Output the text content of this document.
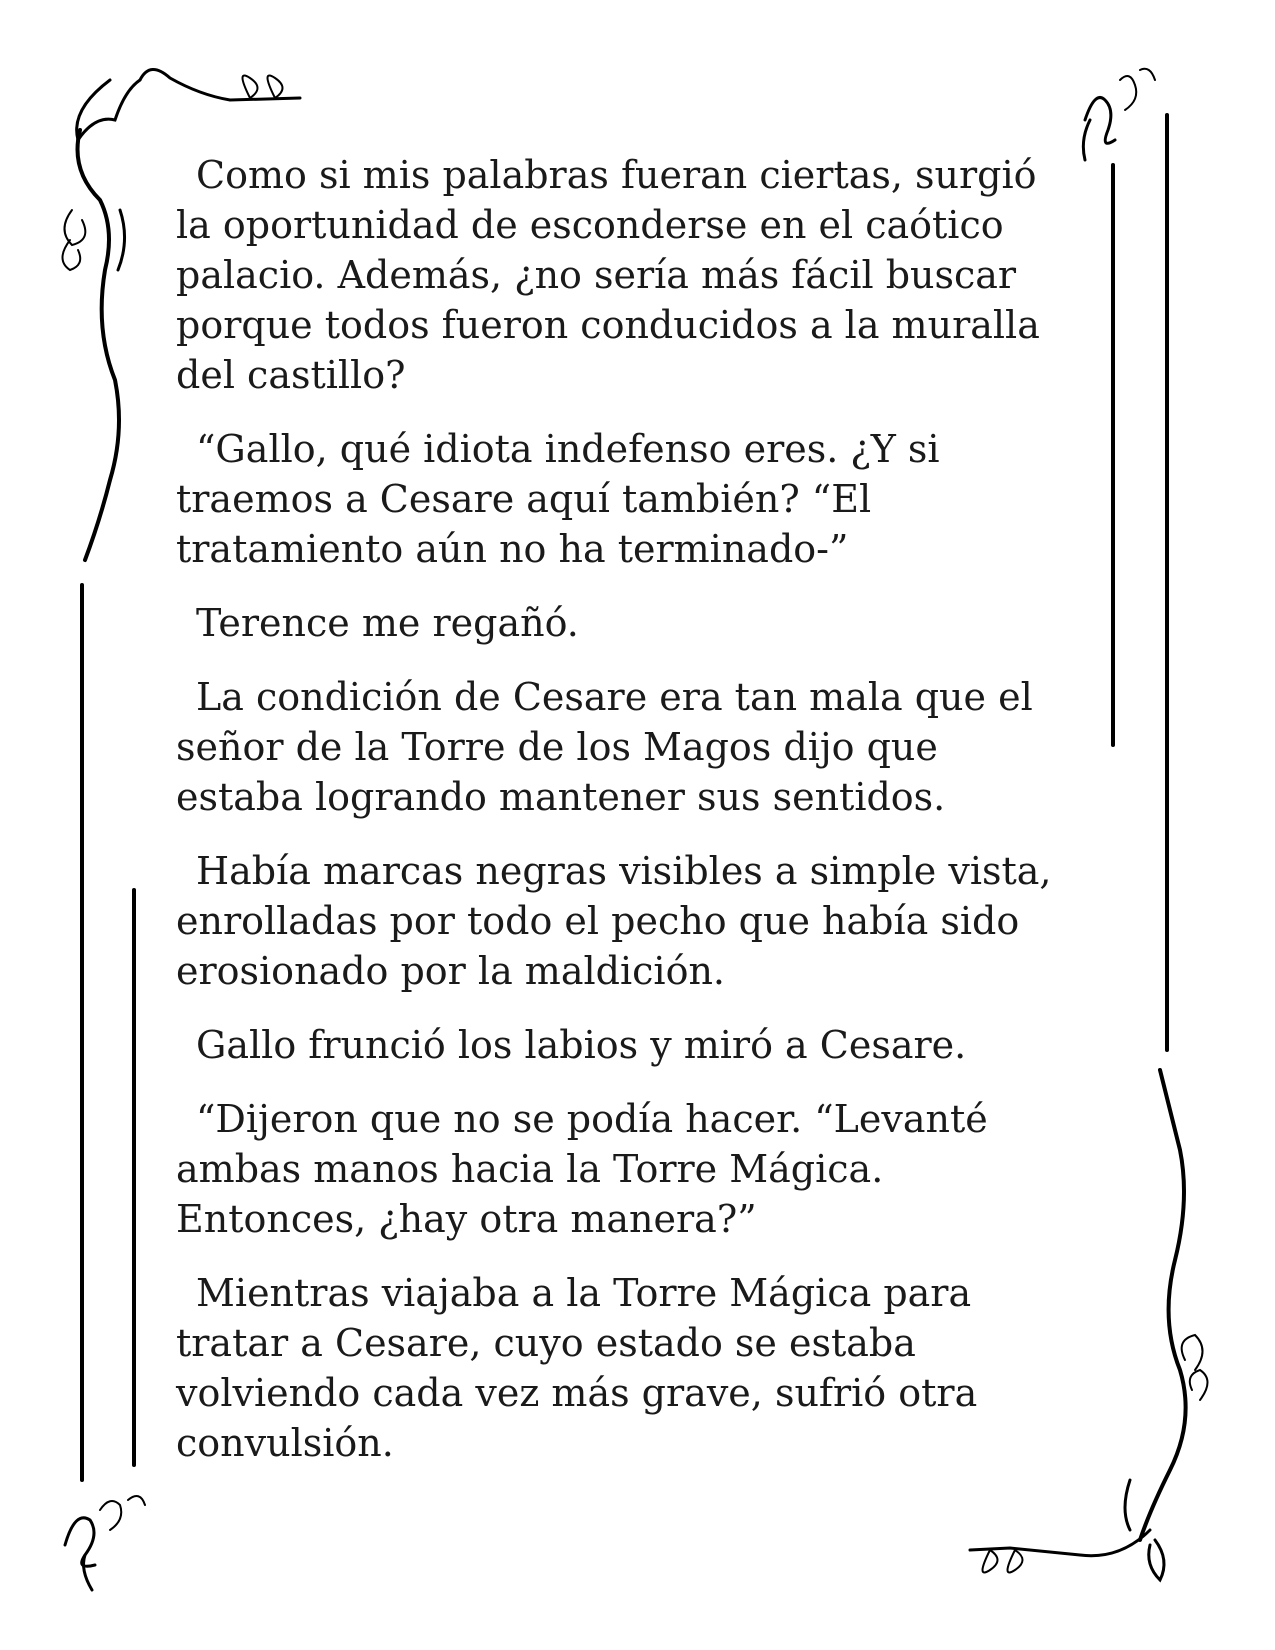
Como si mis palabras fueran ciertas, surgió la oportunidad de esconderse en el caótico palacio. Además, ¿no sería más fácil buscar porque todos fueron conducidos a la muralla del castillo?

“Gallo, qué idiota indefenso eres. ¿Y si traemos a Cesare aquí también? “El tratamiento aún no ha terminado-”

Terence me regañó.

La condición de Cesare era tan mala que el señor de la Torre de los Magos dijo que estaba logrando mantener sus sentidos.

Había marcas negras visibles a simple vista, enrolladas por todo el pecho que había sido erosionado por la maldición.

Gallo frunció los labios y miró a Cesare.

“Dijeron que no se podía hacer. “Levanté ambas manos hacia la Torre Mágica. Entonces, ¿hay otra manera?”

Mientras viajaba a la Torre Mágica para tratar a Cesare, cuyo estado se estaba volviendo cada vez más grave, sufrió otra convulsión.
